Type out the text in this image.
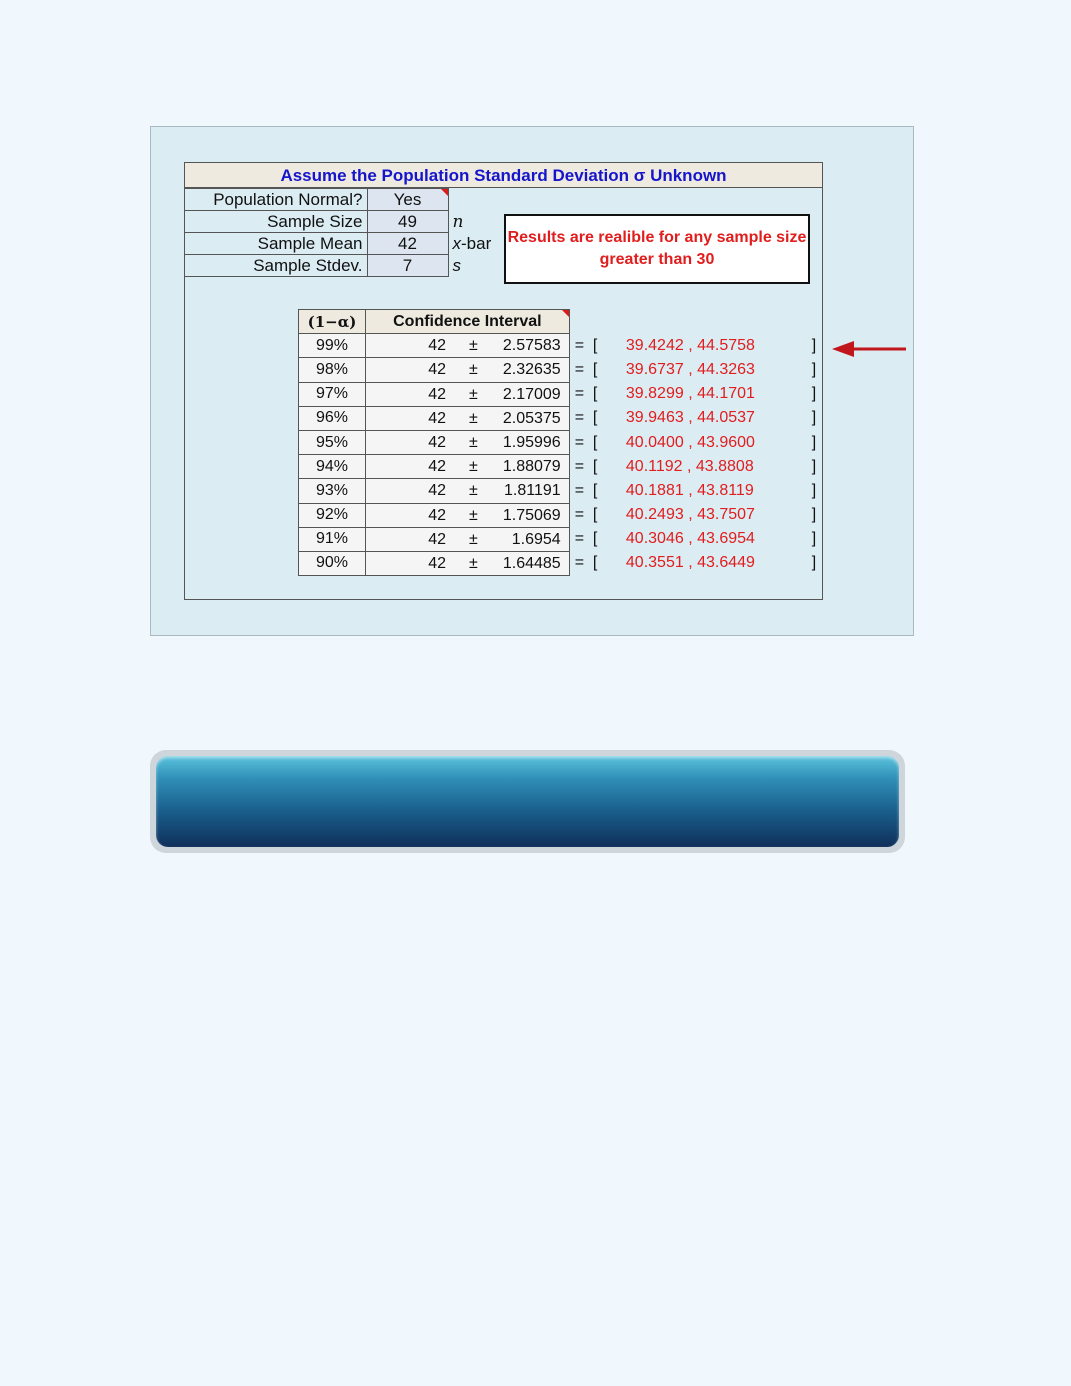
Assume the Population Standard Deviation σ Unknown
Population Normal?	Yes

Sample Size	49	n
Sample Mean	42	x-bar
Sample Stdev.	7	s
Results are realible for any sample size greater than 30
(1−α)	Confidence Interval

99%	42 ± 2.57583	=  [	39.4242 , 44.5758	]
98%	42 ± 2.32635	=  [	39.6737 , 44.3263	]
97%	42 ± 2.17009	=  [	39.8299 , 44.1701	]
96%	42 ± 2.05375	=  [	39.9463 , 44.0537	]
95%	42 ± 1.95996	=  [	40.0400 , 43.9600	]
94%	42 ± 1.88079	=  [	40.1192 , 43.8808	]
93%	42 ± 1.81191	=  [	40.1881 , 43.8119	]
92%	42 ± 1.75069	=  [	40.2493 , 43.7507	]
91%	42 ± 1.6954	=  [	40.3046 , 43.6954	]
90%	42 ± 1.64485	=  [	40.3551 , 43.6449	]
